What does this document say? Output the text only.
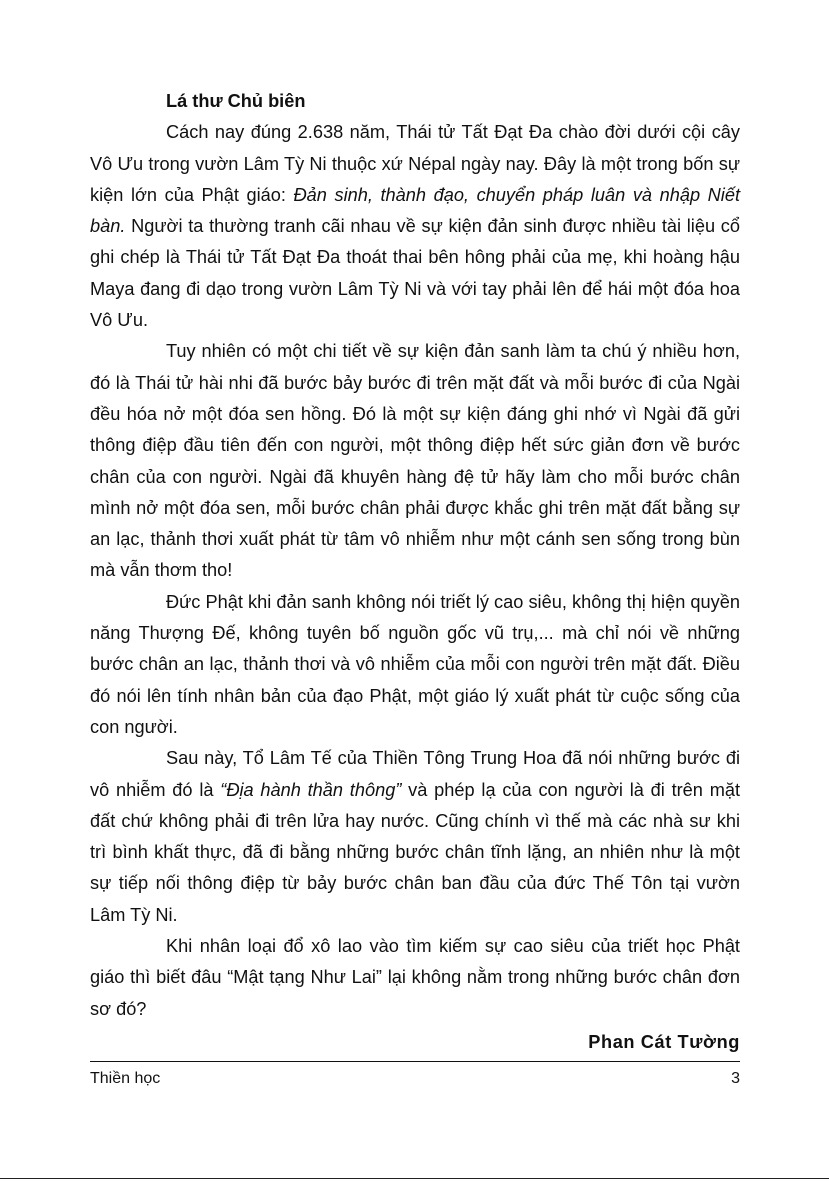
Lá thư Chủ biên

Cách nay đúng 2.638 năm, Thái tử Tất Đạt Đa chào đời dưới cội cây Vô Ưu trong vườn Lâm Tỳ Ni thuộc xứ Népal ngày nay. Đây là một trong bốn sự kiện lớn của Phật giáo: Đản sinh, thành đạo, chuyển pháp luân và nhập Niết bàn. Người ta thường tranh cãi nhau về sự kiện đản sinh được nhiều tài liệu cổ ghi chép là Thái tử Tất Đạt Đa thoát thai bên hông phải của mẹ, khi hoàng hậu Maya đang đi dạo trong vườn Lâm Tỳ Ni và với tay phải lên để hái một đóa hoa Vô Ưu.

Tuy nhiên có một chi tiết về sự kiện đản sanh làm ta chú ý nhiều hơn, đó là Thái tử hài nhi đã bước bảy bước đi trên mặt đất và mỗi bước đi của Ngài đều hóa nở một đóa sen hồng. Đó là một sự kiện đáng ghi nhớ vì Ngài đã gửi thông điệp đầu tiên đến con người, một thông điệp hết sức giản đơn về bước chân của con người. Ngài đã khuyên hàng đệ tử hãy làm cho mỗi bước chân mình nở một đóa sen, mỗi bước chân phải được khắc ghi trên mặt đất bằng sự an lạc, thảnh thơi xuất phát từ tâm vô nhiễm như một cánh sen sống trong bùn mà vẫn thơm tho!

Đức Phật khi đản sanh không nói triết lý cao siêu, không thị hiện quyền năng Thượng Đế, không tuyên bố nguồn gốc vũ trụ,... mà chỉ nói về những bước chân an lạc, thảnh thơi và vô nhiễm của mỗi con người trên mặt đất. Điều đó nói lên tính nhân bản của đạo Phật, một giáo lý xuất phát từ cuộc sống của con người.

Sau này, Tổ Lâm Tế của Thiền Tông Trung Hoa đã nói những bước đi vô nhiễm đó là “Địa hành thần thông” và phép lạ của con người là đi trên mặt đất chứ không phải đi trên lửa hay nước. Cũng chính vì thế mà các nhà sư khi trì bình khất thực, đã đi bằng những bước chân tĩnh lặng, an nhiên như là một sự tiếp nối thông điệp từ bảy bước chân ban đầu của đức Thế Tôn tại vườn Lâm Tỳ Ni.

Khi nhân loại đổ xô lao vào tìm kiếm sự cao siêu của triết học Phật giáo thì biết đâu “Mật tạng Như Lai” lại không nằm trong những bước chân đơn sơ đó?

Phan Cát Tường
Thiền học	3
